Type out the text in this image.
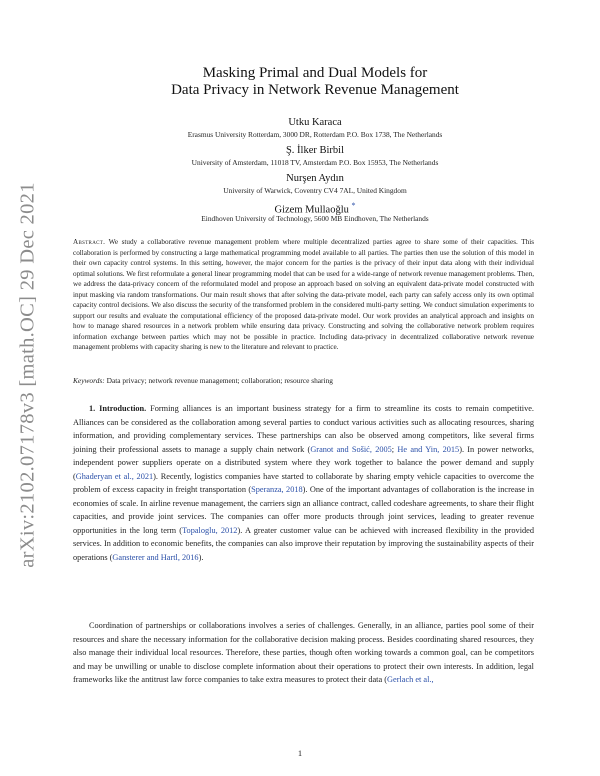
arXiv:2102.07178v3 [math.OC] 29 Dec 2021
Masking Primal and Dual Models for
Data Privacy in Network Revenue Management
Utku Karaca
Erasmus University Rotterdam, 3000 DR, Rotterdam P.O. Box 1738, The Netherlands
Ş. İlker Birbil
University of Amsterdam, 11018 TV, Amsterdam P.O. Box 15953, The Netherlands
Nurşen Aydın
University of Warwick, Coventry CV4 7AL, United Kingdom
Gizem Mullaoğlu *
Eindhoven University of Technology, 5600 MB Eindhoven, The Netherlands
Abstract. We study a collaborative revenue management problem where multiple decentralized parties agree to share some of their capacities. This collaboration is performed by constructing a large mathematical programming model available to all parties. The parties then use the solution of this model in their own capacity control systems. In this setting, however, the major concern for the parties is the privacy of their input data along with their individual optimal solutions. We first reformulate a general linear programming model that can be used for a wide-range of network revenue management problems. Then, we address the data-privacy concern of the reformulated model and propose an approach based on solving an equivalent data-private model constructed with input masking via random transformations. Our main result shows that after solving the data-private model, each party can safely access only its own optimal capacity control decisions. We also discuss the security of the transformed problem in the considered multi-party setting. We conduct simulation experiments to support our results and evaluate the computational efficiency of the proposed data-private model. Our work provides an analytical approach and insights on how to manage shared resources in a network problem while ensuring data privacy. Constructing and solving the collaborative network problem requires information exchange between parties which may not be possible in practice. Including data-privacy in decentralized collaborative network revenue management problems with capacity sharing is new to the literature and relevant to practice.
Keywords: Data privacy; network revenue management; collaboration; resource sharing
1. Introduction. Forming alliances is an important business strategy for a firm to streamline its costs to remain competitive. Alliances can be considered as the collaboration among several parties to conduct various activities such as allocating resources, sharing information, and providing complementary services. These partnerships can also be observed among competitors, like several firms joining their professional assets to manage a supply chain network (Granot and Sošić, 2005; He and Yin, 2015). In power networks, independent power suppliers operate on a distributed system where they work together to balance the power demand and supply (Ghaderyan et al., 2021). Recently, logistics companies have started to collaborate by sharing empty vehicle capacities to overcome the problem of excess capacity in freight transportation (Speranza, 2018). One of the important advantages of collaboration is the increase in economies of scale. In airline revenue management, the carriers sign an alliance contract, called codeshare agreements, to share their flight capacities, and provide joint services. The companies can offer more products through joint services, leading to greater revenue opportunities in the long term (Topaloglu, 2012). A greater customer value can be achieved with increased flexibility in the provided services. In addition to economic benefits, the companies can also improve their reputation by improving the sustainability aspects of their operations (Gansterer and Hartl, 2016).
Coordination of partnerships or collaborations involves a series of challenges. Generally, in an alliance, parties pool some of their resources and share the necessary information for the collaborative decision making process. Besides coordinating shared resources, they also manage their individual local resources. Therefore, these parties, though often working towards a common goal, can be competitors and may be unwilling or unable to disclose complete information about their operations to protect their own interests. In addition, legal frameworks like the antitrust law force companies to take extra measures to protect their data (Gerlach et al.,
1
